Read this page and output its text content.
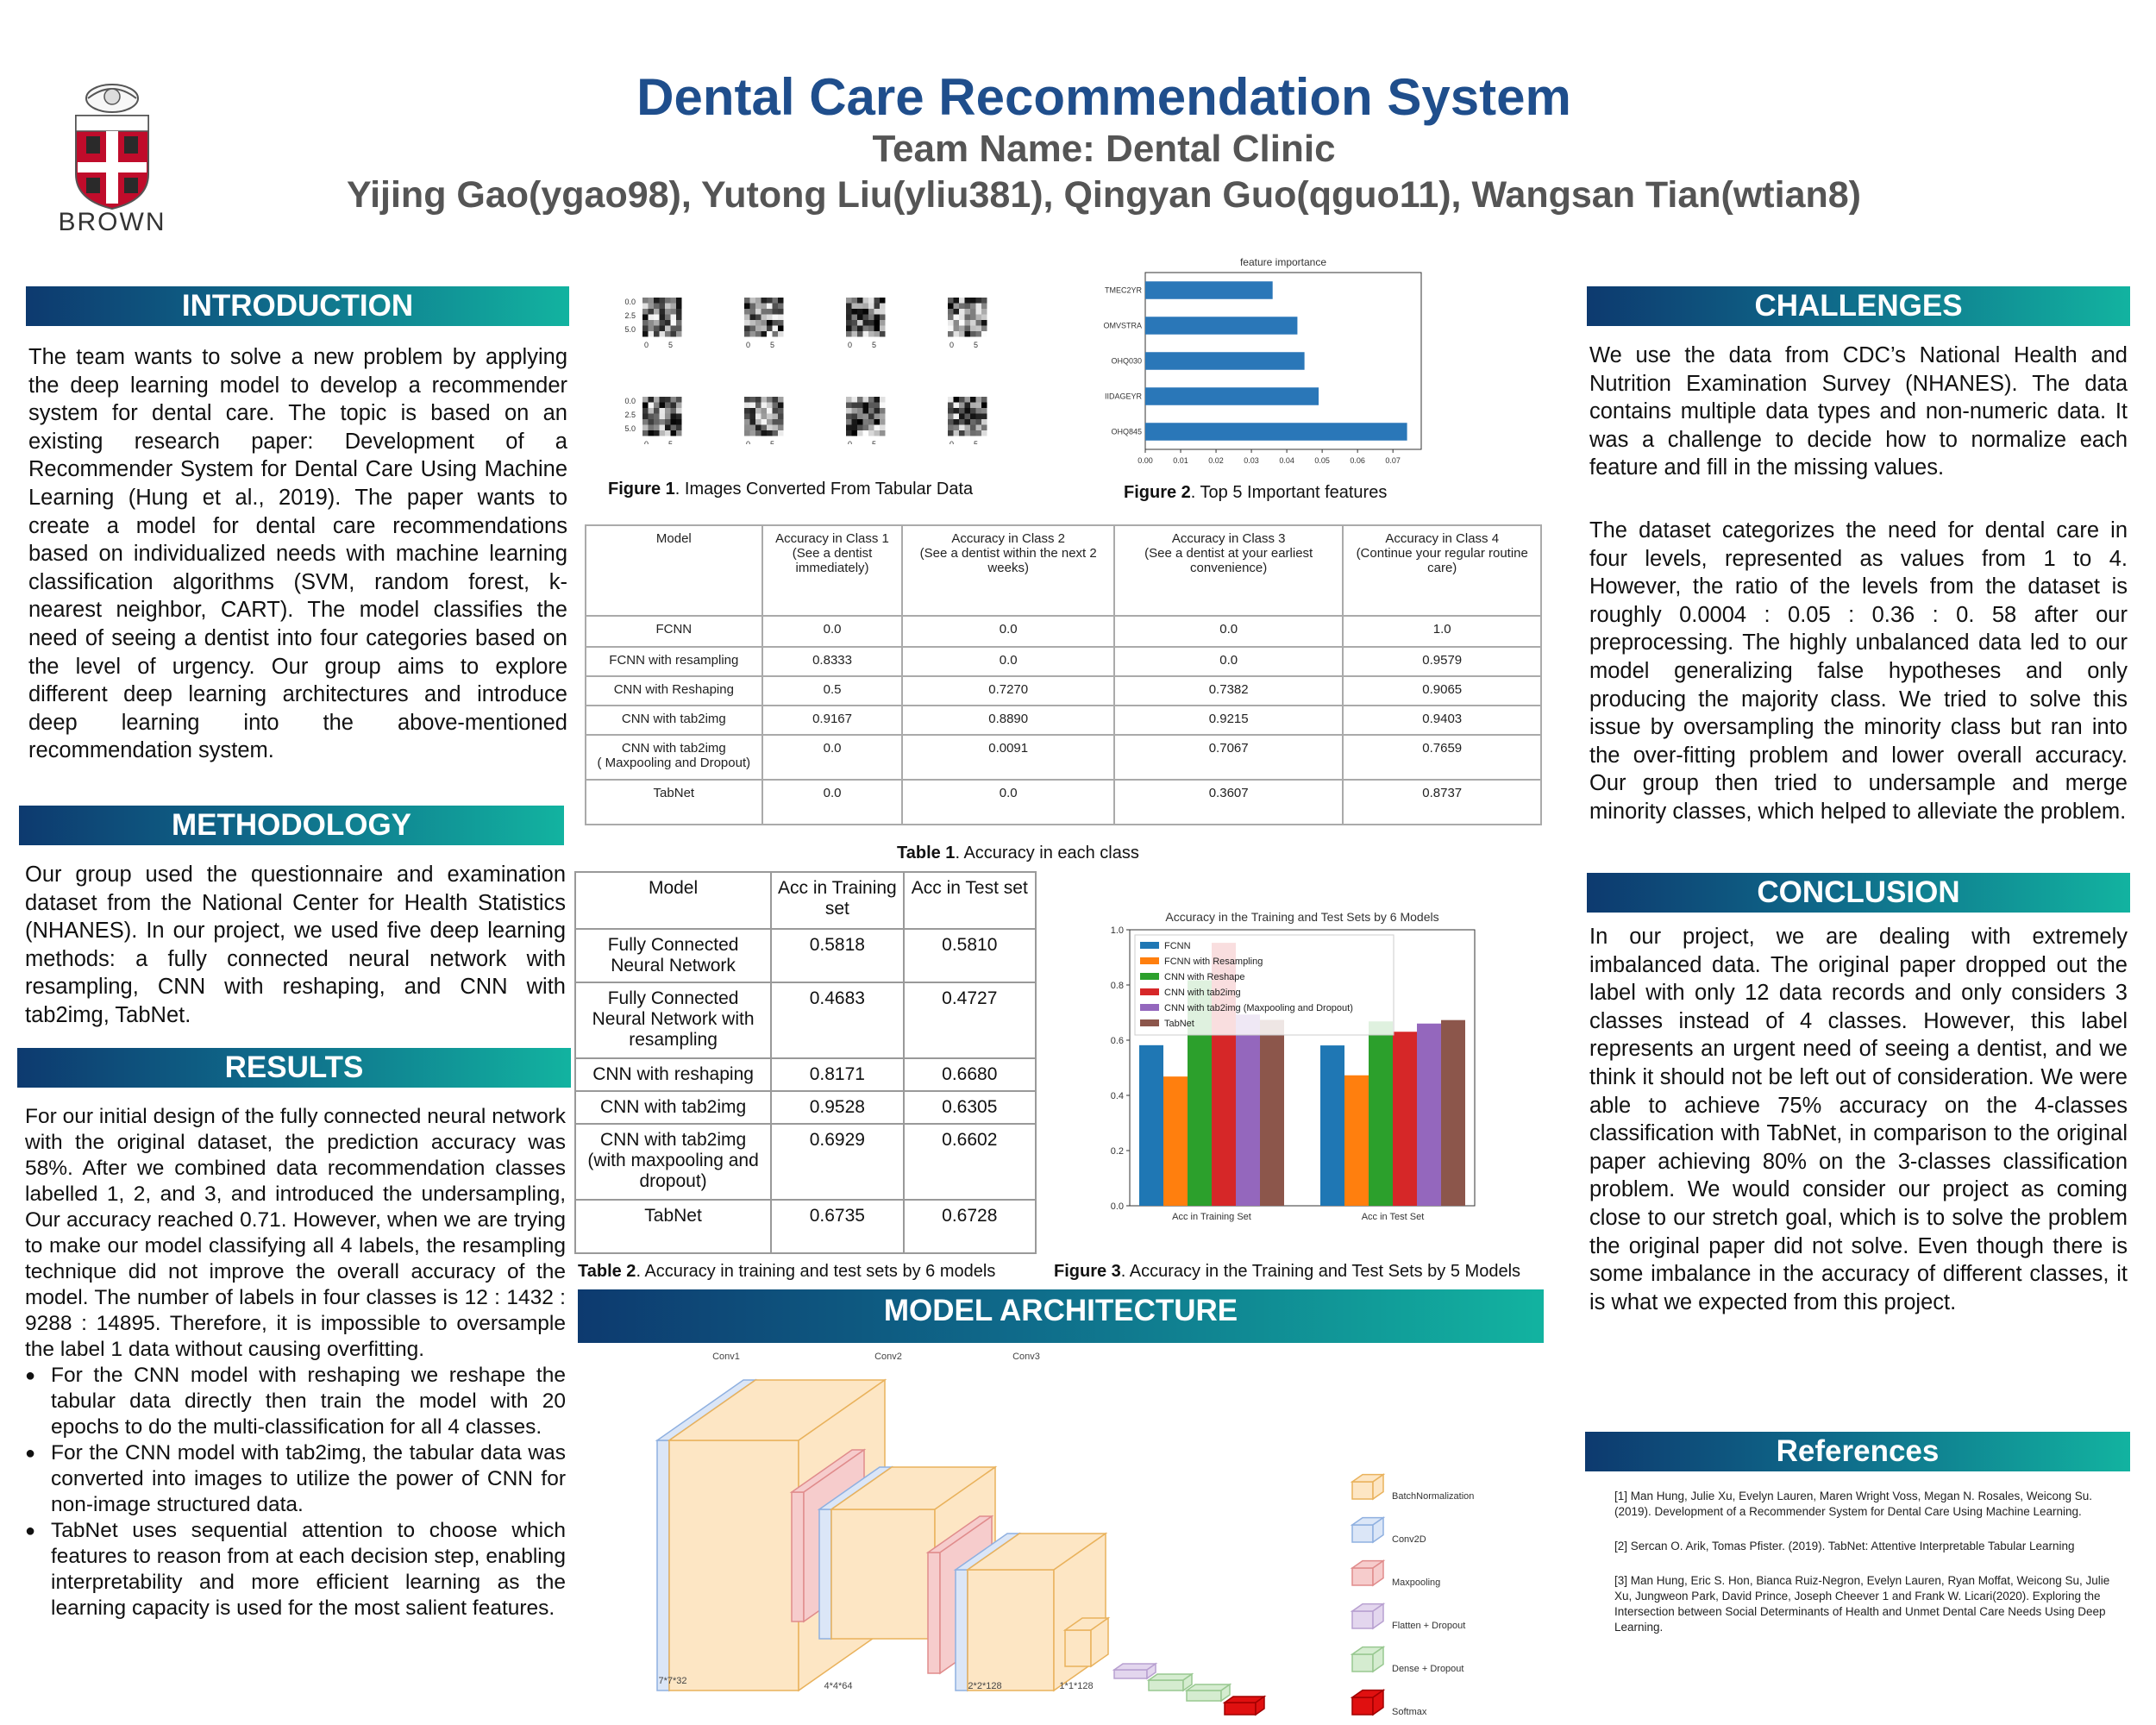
BROWN
Dental Care Recommendation System
Team Name: Dental Clinic
Yijing Gao(ygao98), Yutong Liu(yliu381), Qingyan Guo(qguo11), Wangsan Tian(wtian8)
INTRODUCTION
The team wants to solve a new problem by applying the deep learning model to develop a recommender system for dental care. The topic is based on an existing research paper: Development of a Recommender System for Dental Care Using Machine Learning (Hung et al., 2019). The paper wants to create a model for dental care recommendations based on individualized needs with machine learning classification algorithms (SVM, random forest, k-nearest neighbor, CART). The model classifies the need of seeing a dentist into four categories based on the level of urgency. Our group aims to explore different deep learning architectures and introduce deep learning into the above-mentioned recommendation system.
METHODOLOGY
Our group used the questionnaire and examination dataset from the National Center for Health Statistics (NHANES). In our project, we used five deep learning methods: a fully connected neural network with resampling, CNN with reshaping, and CNN with tab2img, TabNet.
RESULTS
For our initial design of the fully connected neural network with the original dataset, the prediction accuracy was 58%. After we combined data recommendation classes labelled 1, 2, and 3, and introduced the undersampling, Our accuracy reached 0.71. However, when we are trying to make our model classifying all 4 labels, the resampling technique did not improve the overall accuracy of the model. The number of labels in four classes is 12 : 1432 : 9288 : 14895. Therefore, it is impossible to oversample the label 1 data without causing overfitting.
● For the CNN model with reshaping we reshape the tabular data directly then train the model with 20 epochs to do the multi-classification for all 4 classes.
● For the CNN model with tab2img, the tabular data was converted into images to utilize the power of CNN for non-image structured data.
● TabNet uses sequential attention to choose which features to reason from at each decision step, enabling interpretability and more efficient learning as the learning capacity is used for the most salient features.
0.0
2.5
5.0
0	5	0	5	0	5	0	5
0.0
2.5
5.0
0	5	0	5	0	5	0	5
Figure 1. Images Converted From Tabular Data
feature importance
OHQ845
IIDAGEYR
OHQ030
OMVSTRA
TMEC2YR
0.00	0.01	0.02	0.03	0.04	0.05	0.06	0.07
Figure 2. Top 5 Important features
Model	Accuracy in Class 1
(See a dentist
immediately)	Accuracy in Class 2
(See a dentist within the next 2
weeks)	Accuracy in Class 3
(See a dentist at your earliest
convenience)	Accuracy in Class 4
(Continue your regular routine
care)
FCNN	0.0	0.0	0.0	1.0
FCNN with resampling	0.8333	0.0	0.0	0.9579
CNN with Reshaping	0.5	0.7270	0.7382	0.9065
CNN with tab2img	0.9167	0.8890	0.9215	0.9403
CNN with tab2img
( Maxpooling and Dropout)	0.0	0.0091	0.7067	0.7659
TabNet	0.0	0.0	0.3607	0.8737
Table 1. Accuracy in each class
Model	Acc in Training set	Acc in Test set
Fully Connected Neural Network	0.5818	0.5810
Fully Connected Neural Network with resampling	0.4683	0.4727
CNN with reshaping	0.8171	0.6680
CNN with tab2img	0.9528	0.6305
CNN with tab2img (with maxpooling and dropout)	0.6929	0.6602
TabNet	0.6735	0.6728
Table 2. Accuracy in training and test sets by 6 models
Accuracy in the Training and Test Sets by 6 Models
0.0
0.2
0.4
0.6
0.8
1.0
Acc in Training Set	Acc in Test Set
FCNN
FCNN with Resampling
CNN with Reshape
CNN with tab2img
CNN with tab2img (Maxpooling and Dropout)
TabNet
Figure 3. Accuracy in the Training and Test Sets by 5 Models
MODEL ARCHITECTURE
Conv1	Conv2	Conv3
7*7*32	4*4*64	2*2*128	1*1*128
BatchNormalization
Conv2D
Maxpooling
Flatten + Dropout
Dense + Dropout
Softmax
CHALLENGES

We use the data from CDC’s National Health and Nutrition Examination Survey (NHANES). The data contains multiple data types and non-numeric data. It was a challenge to decide how to normalize each feature and fill in the missing values.

The dataset categorizes the need for dental care in four levels, represented as values from 1 to 4. However, the ratio of the levels from the dataset is roughly 0.0004 : 0.05 : 0.36 : 0. 58 after our preprocessing. The highly unbalanced data led to our model generalizing false hypotheses and only producing the majority class. We tried to solve this issue by oversampling the minority class but ran into the over-fitting problem and lower overall accuracy. Our group then tried to undersample and merge minority classes, which helped to alleviate the problem.

CONCLUSION
In our project, we are dealing with extremely imbalanced data. The original paper dropped out the label with only 12 data records and only considers 3 classes instead of 4 classes. However, this label represents an urgent need of seeing a dentist, and we think it should not be left out of consideration. We were able to achieve 75% accuracy on the 4-classes classification with TabNet, in comparison to the original paper achieving 80% on the 3-classes classification problem. We would consider our project as coming close to our stretch goal, which is to solve the problem the original paper did not solve. Even though there is some imbalance in the accuracy of different classes, it is what we expected from this project.
References

[1] Man Hung, Julie Xu, Evelyn Lauren, Maren Wright Voss, Megan N. Rosales, Weicong Su. (2019). Development of a Recommender System for Dental Care Using Machine Learning.

[2] Sercan O. Arik, Tomas Pfister. (2019). TabNet: Attentive Interpretable Tabular Learning

[3] Man Hung, Eric S. Hon, Bianca Ruiz-Negron, Evelyn Lauren, Ryan Moffat, Weicong Su, Julie Xu, Jungweon Park, David Prince, Joseph Cheever 1 and Frank W. Licari(2020). Exploring the Intersection between Social Determinants of Health and Unmet Dental Care Needs Using Deep Learning.
